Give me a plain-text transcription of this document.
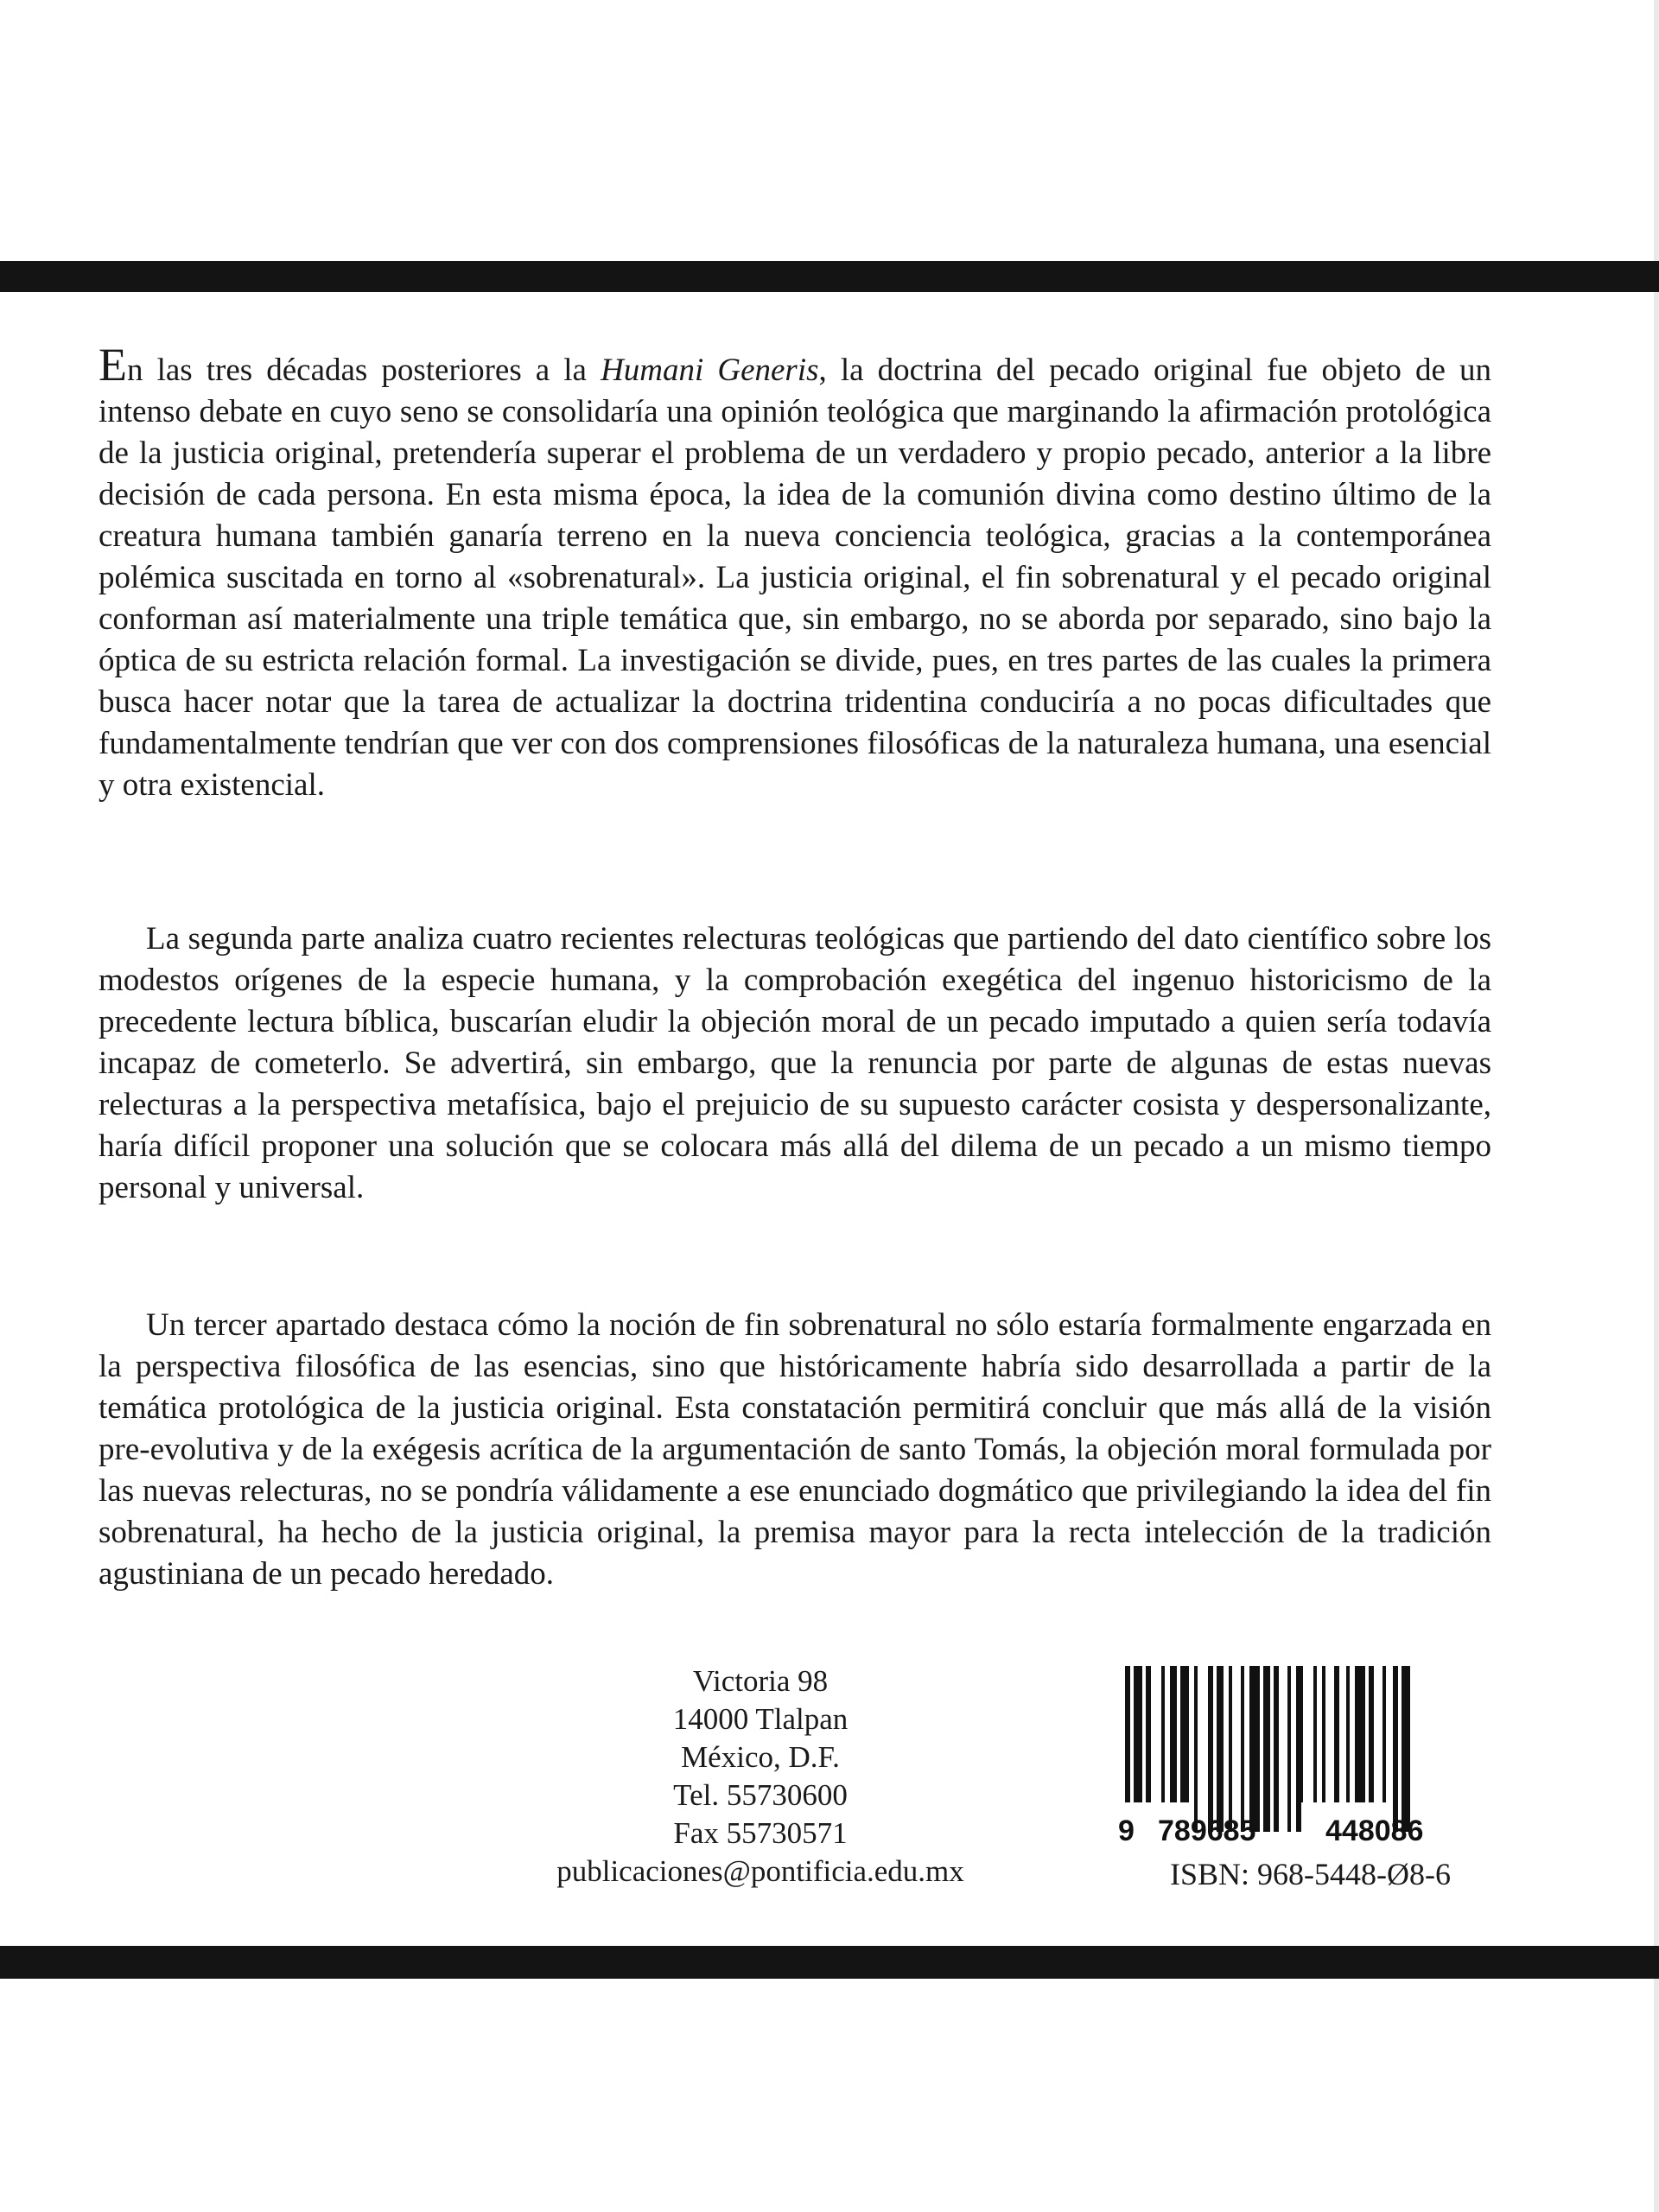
En las tres décadas posteriores a la Humani Generis, la doctrina del pecado original fue objeto de un intenso debate en cuyo seno se consolidaría una opinión teológica que marginando la afirmación protológica de la justicia original, pretendería superar el problema de un verdadero y propio pecado, anterior a la libre decisión de cada persona. En esta misma época, la idea de la comunión divina como destino último de la creatura humana también ganaría terreno en la nueva conciencia teológica, gracias a la contemporánea polémica suscitada en torno al «sobrenatural». La justicia original, el fin sobrenatural y el pecado original conforman así materialmente una triple temática que, sin embargo, no se aborda por separado, sino bajo la óptica de su estricta relación formal. La investigación se divide, pues, en tres partes de las cuales la primera busca hacer notar que la tarea de actualizar la doctrina tridentina conduciría a no pocas dificultades que fundamentalmente tendrían que ver con dos comprensiones filosóficas de la naturaleza humana, una esencial y otra existencial.

La segunda parte analiza cuatro recientes relecturas teológicas que partiendo del dato científico sobre los modestos orígenes de la especie humana, y la comprobación exegética del ingenuo historicismo de la precedente lectura bíblica, buscarían eludir la objeción moral de un pecado imputado a quien sería todavía incapaz de cometerlo. Se advertirá, sin embargo, que la renuncia por parte de algunas de estas nuevas relecturas a la perspectiva metafísica, bajo el prejuicio de su supuesto carácter cosista y despersonalizante, haría difícil proponer una solución que se colocara más allá del dilema de un pecado a un mismo tiempo personal y universal.

Un tercer apartado destaca cómo la noción de fin sobrenatural no sólo estaría formalmente engarzada en la perspectiva filosófica de las esencias, sino que históricamente habría sido desarrollada a partir de la temática protológica de la justicia original. Esta constatación permitirá concluir que más allá de la visión pre-evolutiva y de la exégesis acrítica de la argumentación de santo Tomás, la objeción moral formulada por las nuevas relecturas, no se pondría válidamente a ese enunciado dogmático que privilegiando la idea del fin sobrenatural, ha hecho de la justicia original, la premisa mayor para la recta intelección de la tradición agustiniana de un pecado heredado.

Victoria 98
14000 Tlalpan
México, D.F.
Tel. 55730600
Fax 55730571
publicaciones@pontificia.edu.mx
9 789685 448086
ISBN: 968-5448-Ø8-6
